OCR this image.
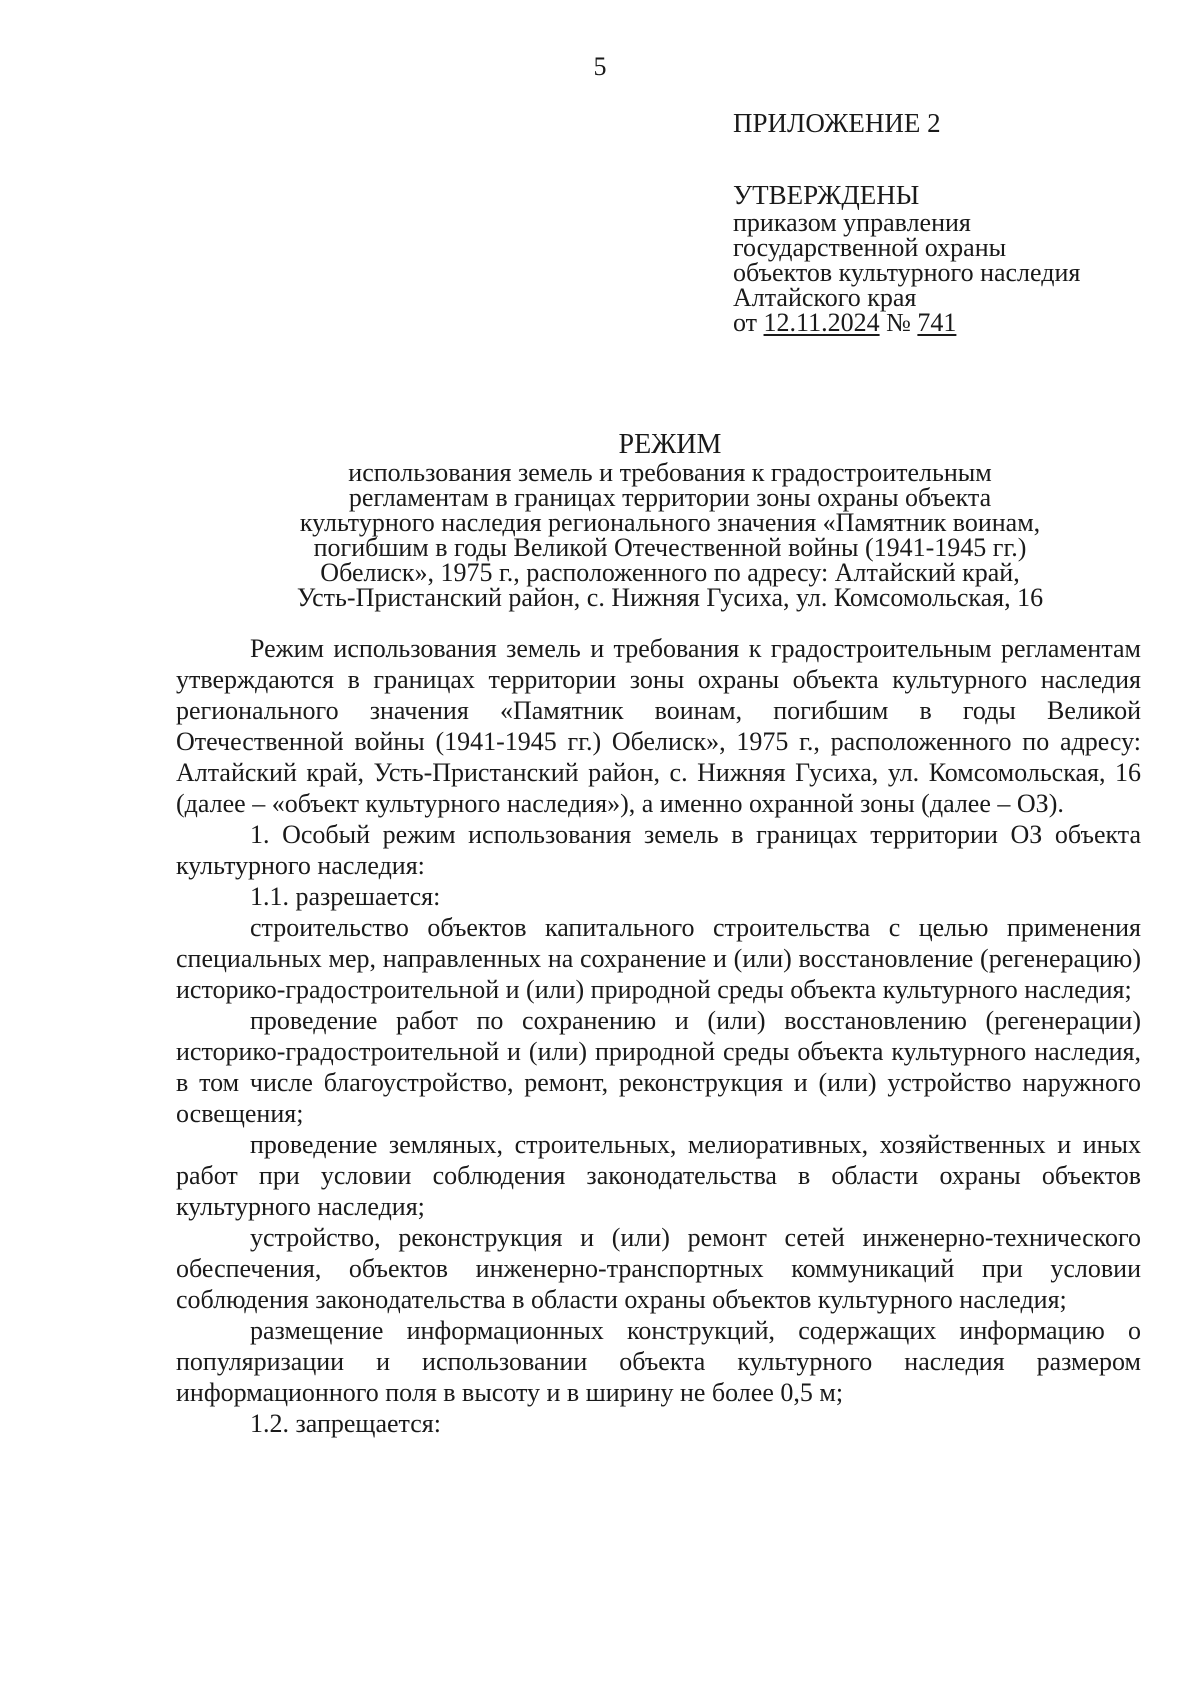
5
ПРИЛОЖЕНИЕ 2
УТВЕРЖДЕНЫ
приказом управления
государственной охраны
объектов культурного наследия
Алтайского края
от 12.11.2024 № 741
РЕЖИМ
использования земель и требования к градостроительным
регламентам в границах территории зоны охраны объекта
культурного наследия регионального значения «Памятник воинам,
погибшим в годы Великой Отечественной войны (1941-1945 гг.)
Обелиск», 1975 г., расположенного по адресу: Алтайский край,
Усть-Пристанский район, с. Нижняя Гусиха, ул. Комсомольская, 16

Режим использования земель и требования к градостроительным регламентам утверждаются в границах территории зоны охраны объекта культурного наследия регионального значения «Памятник воинам, погибшим в годы Великой Отечественной войны (1941-1945 гг.) Обелиск», 1975 г., расположенного по адресу: Алтайский край, Усть-Пристанский район, с. Нижняя Гусиха, ул. Комсомольская, 16 (далее – «объект культурного наследия»), а именно охранной зоны (далее – ОЗ).

1. Особый режим использования земель в границах территории ОЗ объекта культурного наследия:

1.1. разрешается:

строительство объектов капитального строительства с целью применения специальных мер, направленных на сохранение и (или) восстановление (регенерацию) историко-градостроительной и (или) природной среды объекта культурного наследия;

проведение работ по сохранению и (или) восстановлению (регенерации) историко-градостроительной и (или) природной среды объекта культурного наследия, в том числе благоустройство, ремонт, реконструкция и (или) устройство наружного освещения;

проведение земляных, строительных, мелиоративных, хозяйственных и иных работ при условии соблюдения законодательства в области охраны объектов культурного наследия;

устройство, реконструкция и (или) ремонт сетей инженерно-технического обеспечения, объектов инженерно-транспортных коммуникаций при условии соблюдения законодательства в области охраны объектов культурного наследия;

размещение информационных конструкций, содержащих информацию о популяризации и использовании объекта культурного наследия размером информационного поля в высоту и в ширину не более 0,5 м;

1.2. запрещается:
